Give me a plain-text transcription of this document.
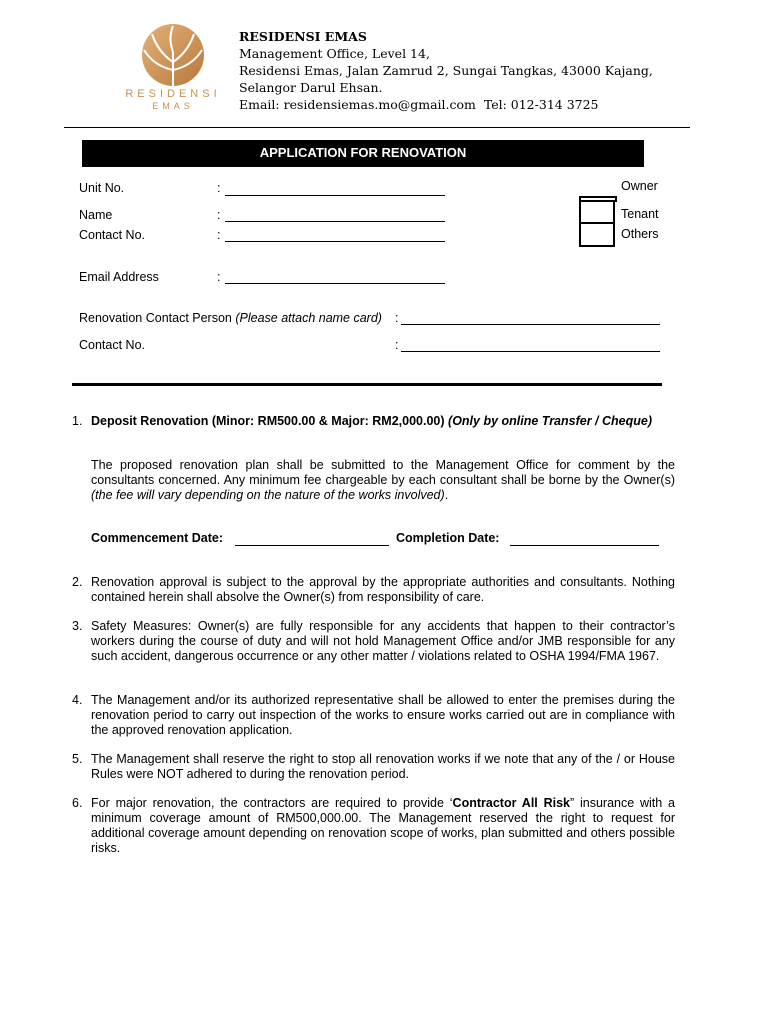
RESIDENSI
EMAS
RESIDENSI EMAS
Management Office, Level 14,
Residensi Emas, Jalan Zamrud 2, Sungai Tangkas, 43000 Kajang,
Selangor Darul Ehsan.
Email: residensiemas.mo@gmail.com  Tel: 012-314 3725
APPLICATION FOR RENOVATION
Unit No.	:
Name	:
Contact No.	:
Email Address	:
Owner
Tenant
Others
Renovation Contact Person (Please attach name card) :
Contact No.	:
1. Deposit Renovation (Minor: RM500.00 & Major: RM2,000.00) (Only by online Transfer / Cheque)
The proposed renovation plan shall be submitted to the Management Office for comment by the consultants concerned. Any minimum fee chargeable by each consultant shall be borne by the Owner(s) (the fee will vary depending on the nature of the works involved).
Commencement Date:	Completion Date:
2. Renovation approval is subject to the approval by the appropriate authorities and consultants. Nothing contained herein shall absolve the Owner(s) from responsibility of care.
3. Safety Measures: Owner(s) are fully responsible for any accidents that happen to their contractor’s workers during the course of duty and will not hold Management Office and/or JMB responsible for any such accident, dangerous occurrence or any other matter / violations related to OSHA 1994/FMA 1967.
4. The Management and/or its authorized representative shall be allowed to enter the premises during the renovation period to carry out inspection of the works to ensure works carried out are in compliance with the approved renovation application.
5. The Management shall reserve the right to stop all renovation works if we note that any of the / or House Rules were NOT adhered to during the renovation period.
6. For major renovation, the contractors are required to provide ‘Contractor All Risk” insurance with a minimum coverage amount of RM500,000.00. The Management reserved the right to request for additional coverage amount depending on renovation scope of works, plan submitted and others possible risks.
